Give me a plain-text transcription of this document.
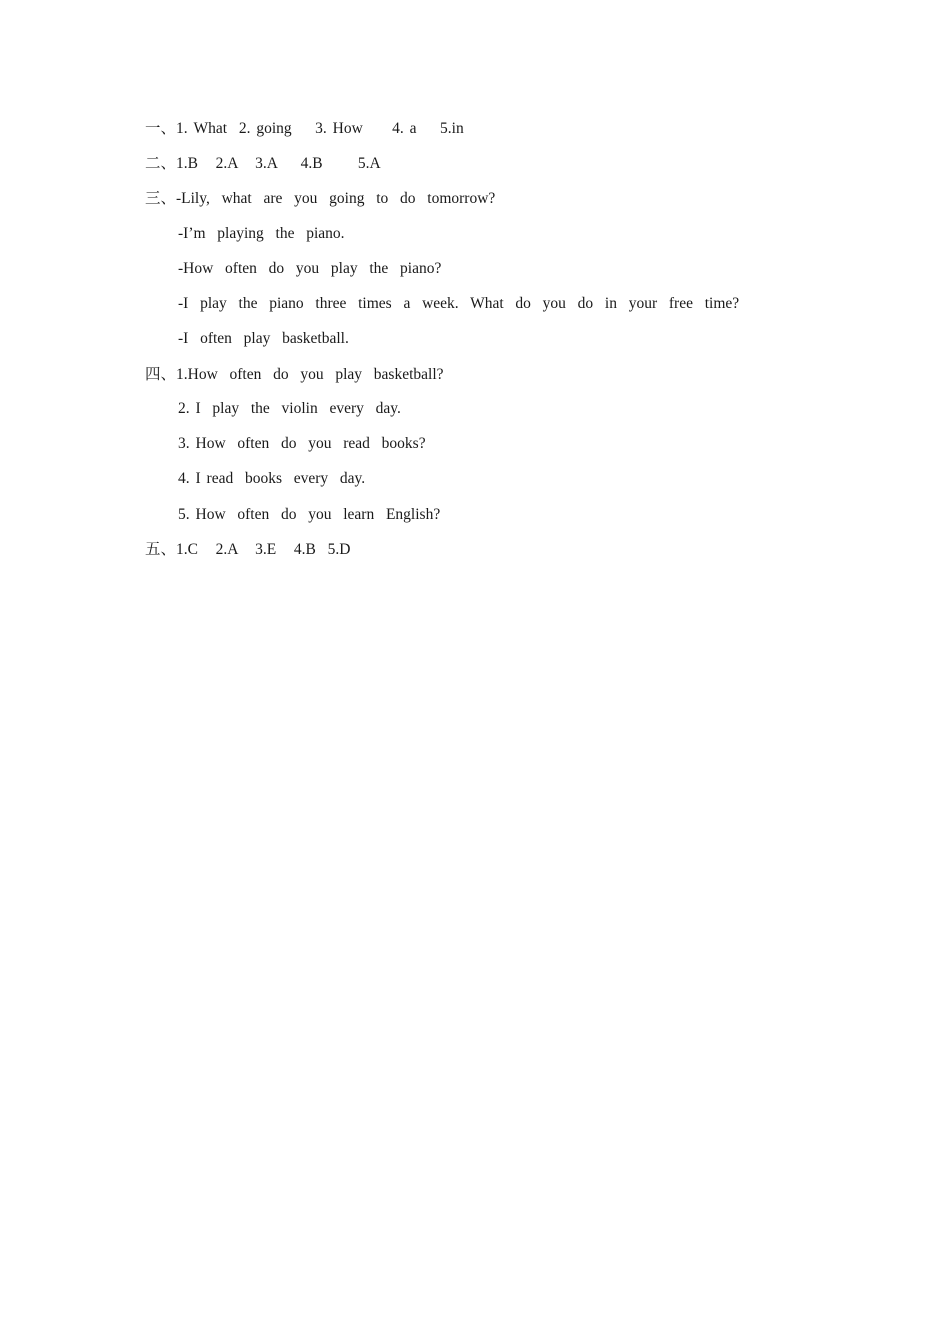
一、1. What  2. going    3. How     4. a    5.in
二、1.B   2.A   3.A    4.B      5.A
三、-Lily,  what  are  you  going  to  do  tomorrow?
-I’m  playing  the  piano.
-How  often  do  you  play  the  piano?
-I  play  the  piano  three  times  a  week.  What  do  you  do  in  your  free  time?
-I  often  play  basketball.
四、1.How  often  do  you  play  basketball?
2. I  play  the  violin  every  day.
3. How  often  do  you  read  books?
4. I read  books  every  day.
5. How  often  do  you  learn  English?
五、1.C   2.A   3.E   4.B  5.D
